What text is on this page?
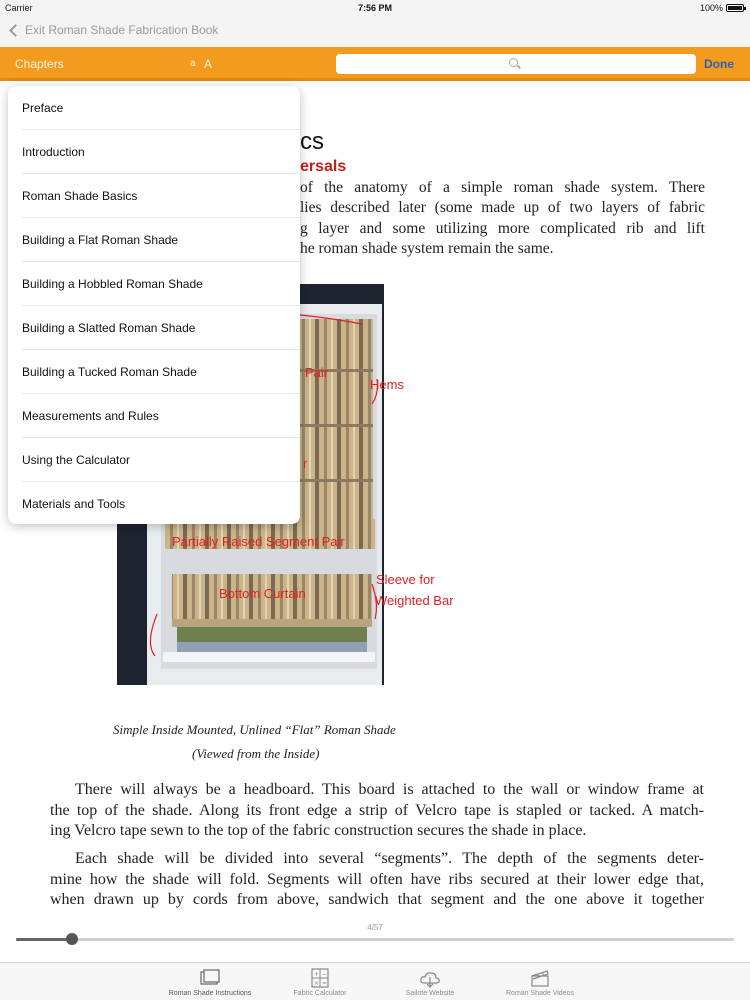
Carrier	7:56 PM	100%
Exit Roman Shade Fabrication Book
Chapters	a A	Done
cs
ersals
of the anatomy of a simple roman shade system. There
lies described later (some made up of two layers of fabric
g layer and some utilizing more complicated rib and lift
he roman shade system remain the same.
Pair
Hems
r
Partially Raised Segment Pair
Bottom Curtain
Sleeve for
Weighted Bar
Simple Inside Mounted, Unlined “Flat” Roman Shade
(Viewed from the Inside)
There will always be a headboard. This board is attached to the wall or window frame at
the top of the shade. Along its front edge a strip of Velcro tape is stapled or tacked. A match-
ing Velcro tape sewn to the top of the fabric construction secures the shade in place.
Each shade will be divided into several “segments”. The depth of the segments deter-
mine how the shade will fold. Segments will often have ribs secured at their lower edge that,
when drawn up by cords from above, sandwich that segment and the one above it together
Preface
Introduction
Roman Shade Basics
Building a Flat Roman Shade
Building a Hobbled Roman Shade
Building a Slatted Roman Shade
Building a Tucked Roman Shade
Measurements and Rules
Using the Calculator
Materials and Tools
4/57
Roman Shade Instructions
+ −
× =
Fabric Calculator	Sailrite Website	Roman Shade Videos
